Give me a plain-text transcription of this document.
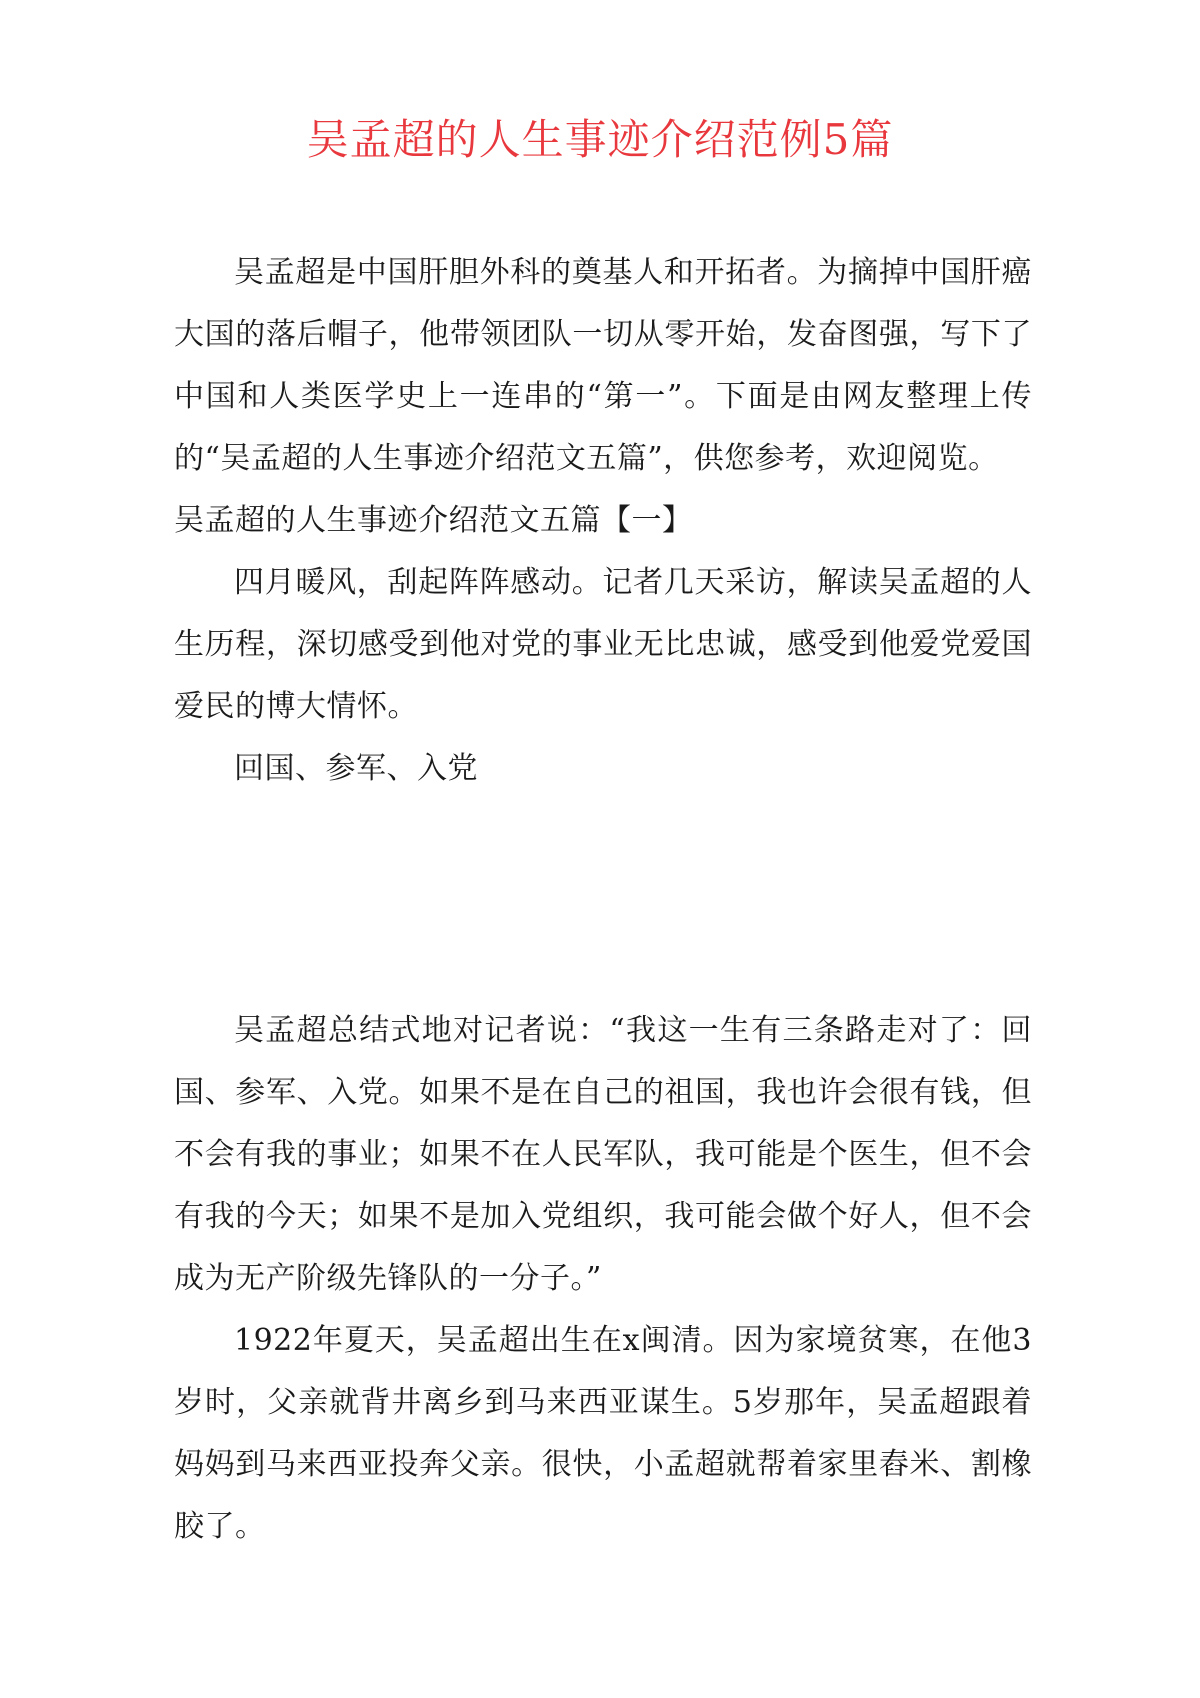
吴孟超的人生事迹介绍范例5篇

吴孟超是中国肝胆外科的奠基人和开拓者。为摘掉中国肝癌大国的落后帽子，他带领团队一切从零开始，发奋图强，写下了中国和人类医学史上一连串的“第一”。下面是由网友整理上传的“吴孟超的人生事迹介绍范文五篇”，供您参考，欢迎阅览。

吴孟超的人生事迹介绍范文五篇【一】

四月暖风，刮起阵阵感动。记者几天采访，解读吴孟超的人生历程，深切感受到他对党的事业无比忠诚，感受到他爱党爱国爱民的博大情怀。

回国、参军、入党

吴孟超总结式地对记者说：“我这一生有三条路走对了：回国、参军、入党。如果不是在自己的祖国，我也许会很有钱，但不会有我的事业；如果不在人民军队，我可能是个医生，但不会有我的今天；如果不是加入党组织，我可能会做个好人，但不会成为无产阶级先锋队的一分子。”

1922年夏天，吴孟超出生在x闽清。因为家境贫寒，在他3岁时，父亲就背井离乡到马来西亚谋生。5岁那年，吴孟超跟着妈妈到马来西亚投奔父亲。很快，小孟超就帮着家里舂米、割橡胶了。
